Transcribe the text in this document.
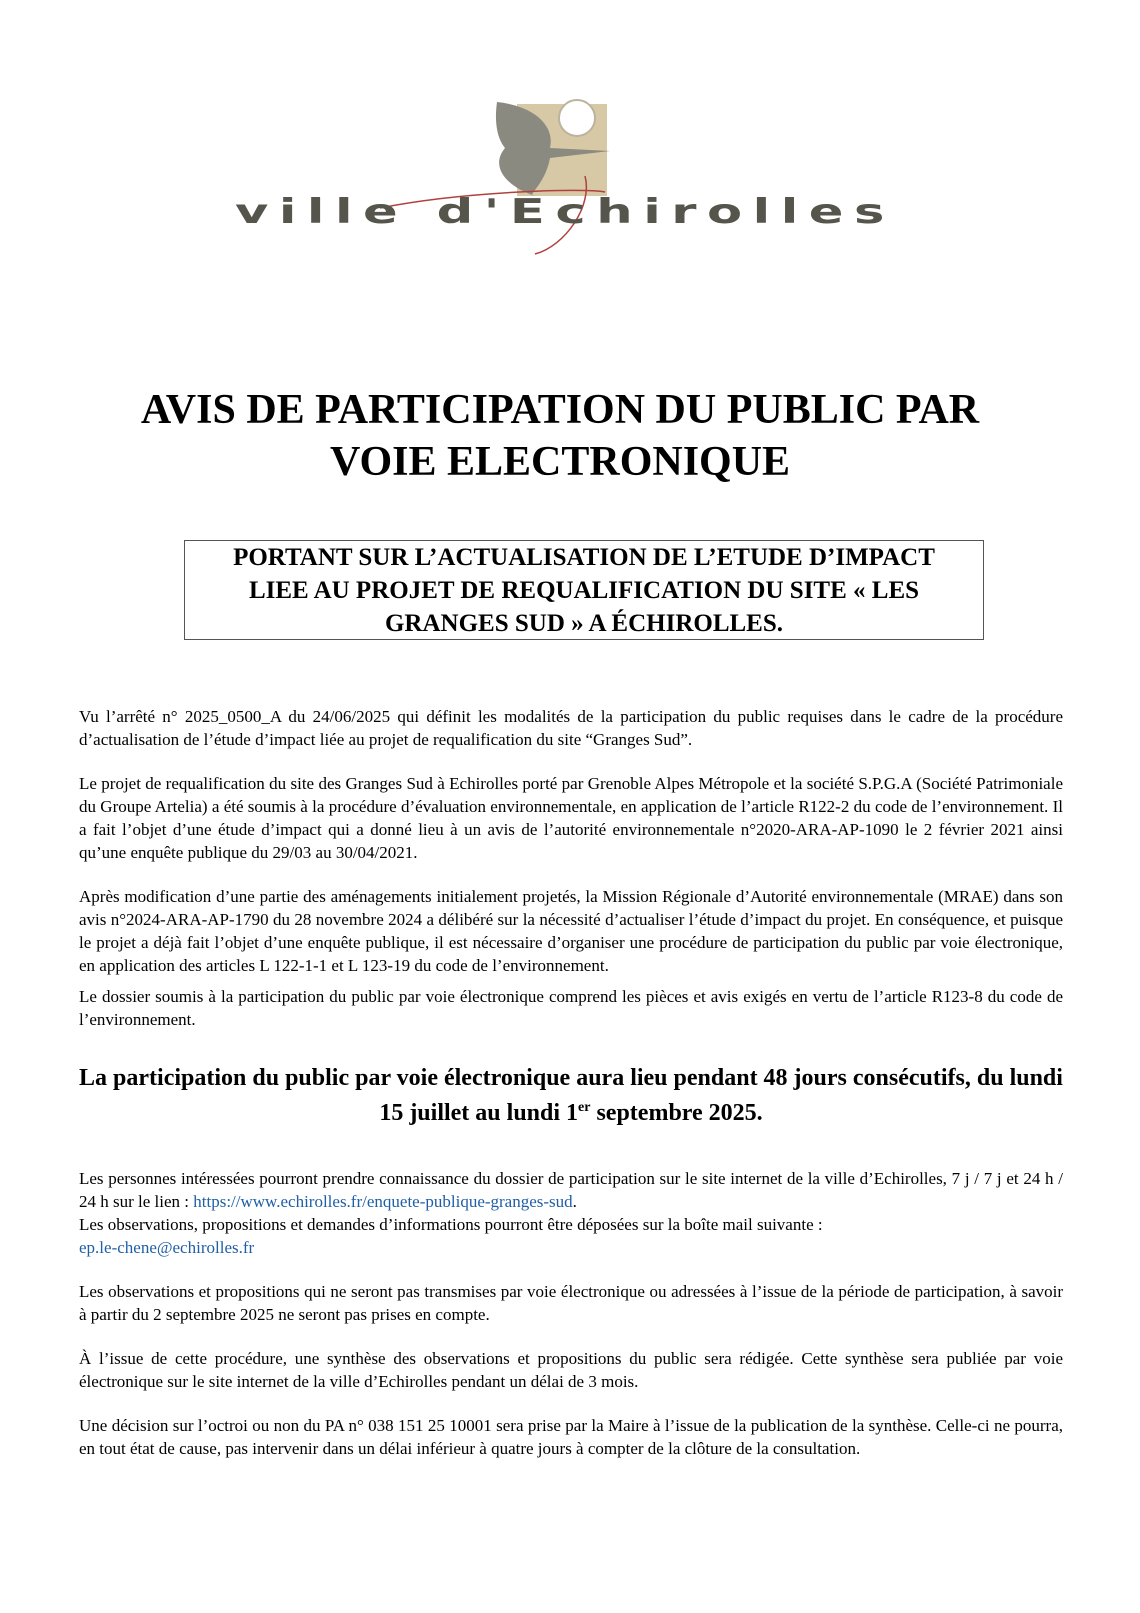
ville d'Echirolles
AVIS DE PARTICIPATION DU PUBLIC PAR
VOIE ELECTRONIQUE
PORTANT SUR L’ACTUALISATION DE L’ETUDE D’IMPACT LIEE AU PROJET DE REQUALIFICATION DU SITE « LES GRANGES SUD » A ÉCHIROLLES.

Vu l’arrêté n° 2025_0500_A du 24/06/2025 qui définit les modalités de la participation du public requises dans le cadre de la procédure d’actualisation de l’étude d’impact liée au projet de requalification du site “Granges Sud”.

Le projet de requalification du site des Granges Sud à Echirolles porté par Grenoble Alpes Métropole et la société S.P.G.A (Société Patrimoniale du Groupe Artelia) a été soumis à la procédure d’évaluation environnementale, en application de l’article R122-2 du code de l’environnement. Il a fait l’objet d’une étude d’impact qui a donné lieu à un avis de l’autorité environnementale n°2020-ARA-AP-1090 le 2 février 2021 ainsi qu’une enquête publique du 29/03 au 30/04/2021.

Après modification d’une partie des aménagements initialement projetés, la Mission Régionale d’Autorité environnementale (MRAE) dans son avis n°2024-ARA-AP-1790 du 28 novembre 2024 a délibéré sur la nécessité d’actualiser l’étude d’impact du projet. En conséquence, et puisque le projet a déjà fait l’objet d’une enquête publique, il est nécessaire d’organiser une procédure de participation du public par voie électronique, en application des articles L 122-1-1 et L 123-19 du code de l’environnement.

Le dossier soumis à la participation du public par voie électronique comprend les pièces et avis exigés en vertu de l’article R123-8 du code de l’environnement.

La participation du public par voie électronique aura lieu pendant 48 jours consécutifs, du lundi 15 juillet au lundi 1er septembre 2025.

Les personnes intéressées pourront prendre connaissance du dossier de participation sur le site internet de la ville d’Echirolles, 7 j / 7 j et 24 h / 24 h sur le lien : https://www.echirolles.fr/enquete-publique-granges-sud.
Les observations, propositions et demandes d’informations pourront être déposées sur la boîte mail suivante :
ep.le-chene@echirolles.fr

Les observations et propositions qui ne seront pas transmises par voie électronique ou adressées à l’issue de la période de participation, à savoir à partir du 2 septembre 2025 ne seront pas prises en compte.

À l’issue de cette procédure, une synthèse des observations et propositions du public sera rédigée. Cette synthèse sera publiée par voie électronique sur le site internet de la ville d’Echirolles pendant un délai de 3 mois.

Une décision sur l’octroi ou non du PA n° 038 151 25 10001 sera prise par la Maire à l’issue de la publication de la synthèse. Celle-ci ne pourra, en tout état de cause, pas intervenir dans un délai inférieur à quatre jours à compter de la clôture de la consultation.
